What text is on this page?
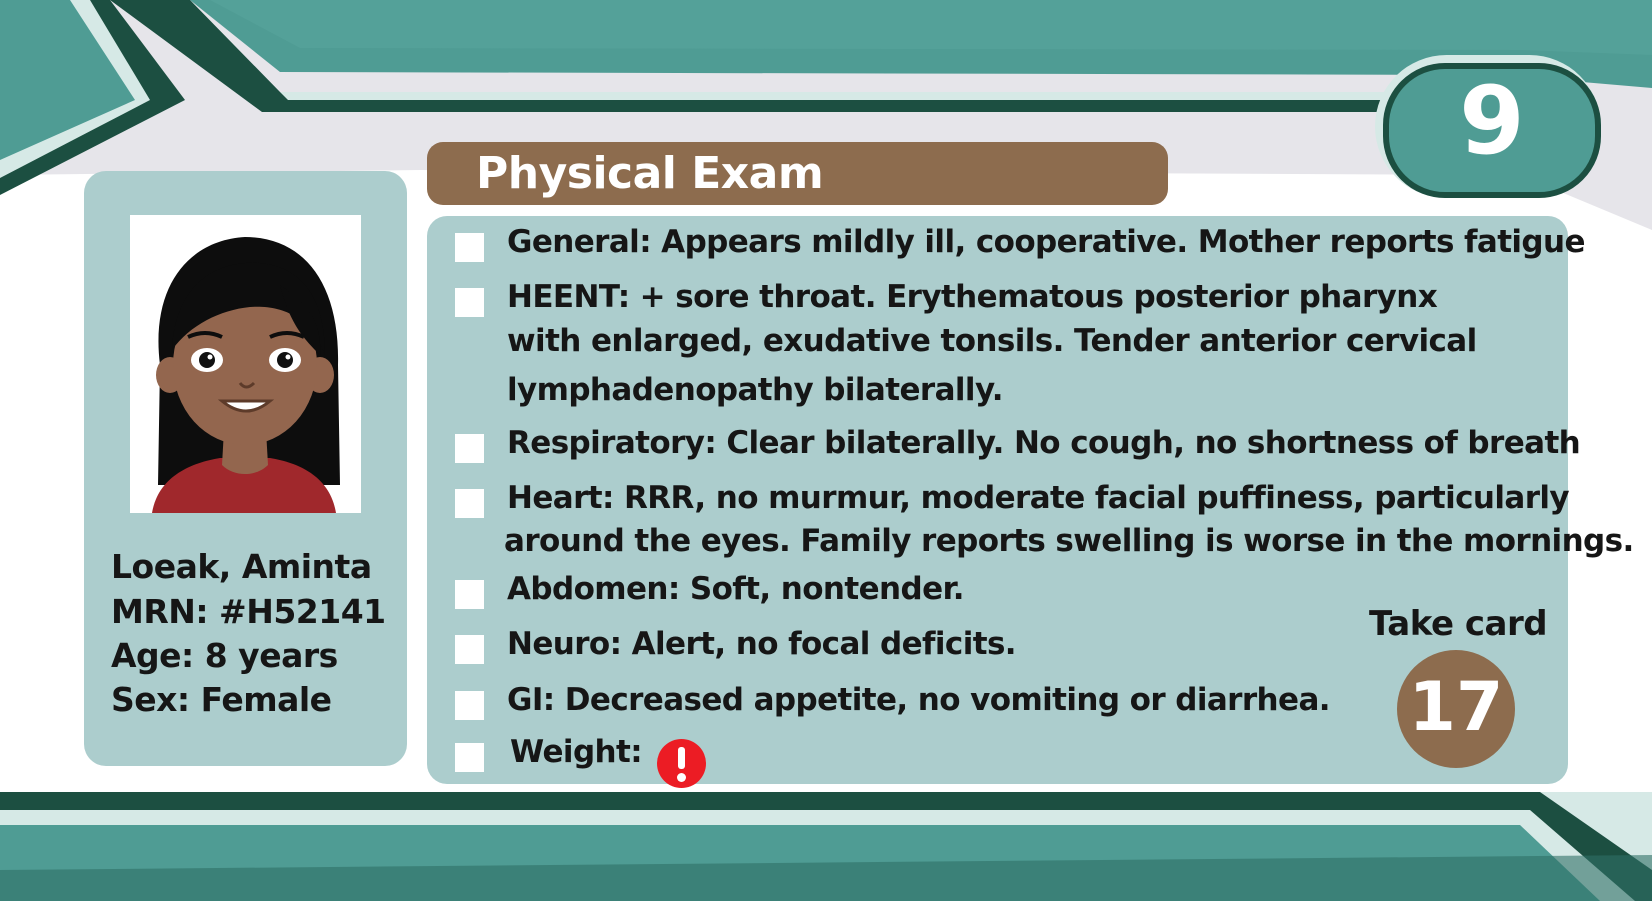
9
Loeak, Aminta
MRN: #H52141
Age: 8 years
Sex: Female
Physical Exam
General: Appears mildly ill, cooperative. Mother reports fatigue
HEENT: + sore throat. Erythematous posterior pharynx
with enlarged, exudative tonsils. Tender anterior cervical
lymphadenopathy bilaterally.
Respiratory: Clear bilaterally. No cough, no shortness of breath
Heart: RRR, no murmur, moderate facial puffiness, particularly
around the eyes. Family reports swelling is worse in the mornings.
Abdomen: Soft, nontender.
Neuro: Alert, no focal deficits.
GI: Decreased appetite, no vomiting or diarrhea.
Weight:
Take card
17
